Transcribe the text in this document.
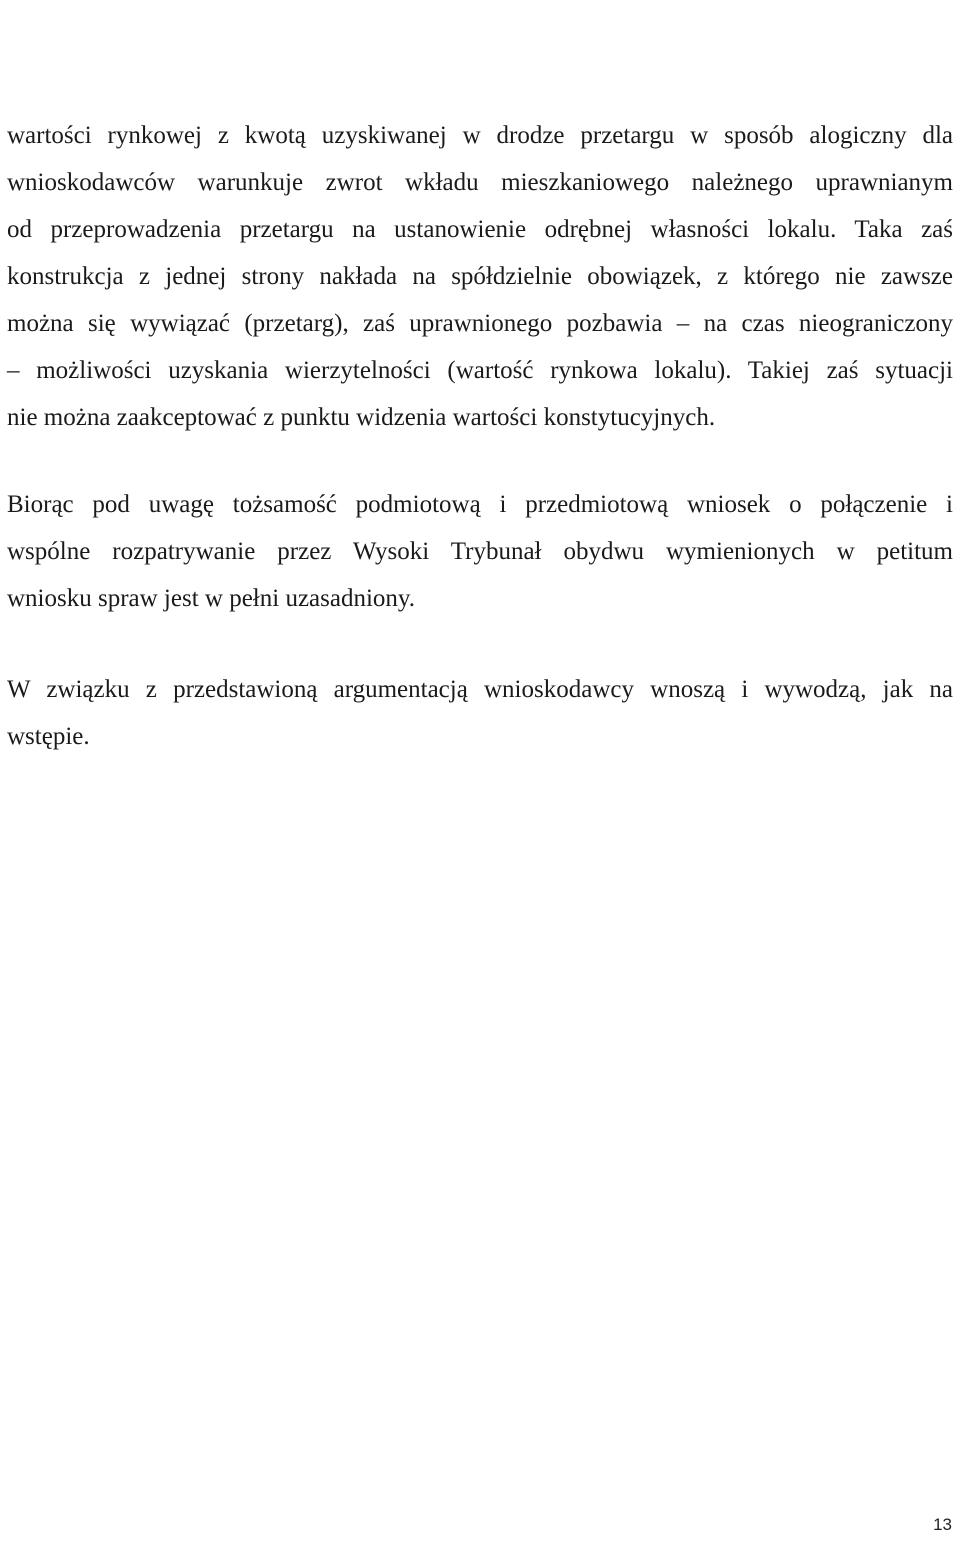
wartości rynkowej z kwotą uzyskiwanej w drodze przetargu w sposób alogiczny dla
wnioskodawców warunkuje zwrot wkładu mieszkaniowego należnego uprawnianym
od przeprowadzenia przetargu na ustanowienie odrębnej własności lokalu. Taka zaś
konstrukcja z jednej strony nakłada na spółdzielnie obowiązek, z którego nie zawsze
można się wywiązać (przetarg), zaś uprawnionego pozbawia – na czas nieograniczony
– możliwości uzyskania wierzytelności (wartość rynkowa lokalu). Takiej zaś sytuacji
nie można zaakceptować z punktu widzenia wartości konstytucyjnych.

Biorąc pod uwagę tożsamość podmiotową i przedmiotową wniosek o połączenie i
wspólne rozpatrywanie przez Wysoki Trybunał obydwu wymienionych w petitum
wniosku spraw jest w pełni uzasadniony.

W związku z przedstawioną argumentacją wnioskodawcy wnoszą i wywodzą, jak na
wstępie.

13
